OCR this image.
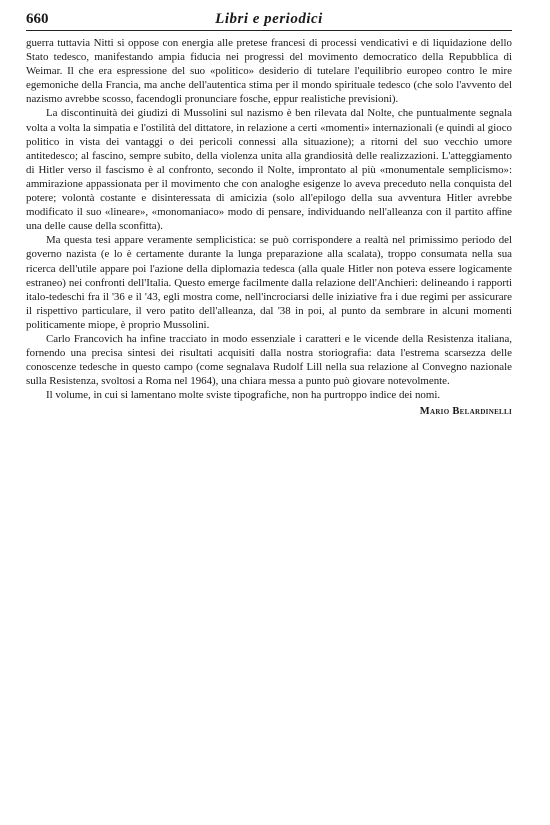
660	Libri e periodici

guerra tuttavia Nitti si oppose con energia alle pretese francesi di processi vendicativi e di liquidazione dello Stato tedesco, manifestando ampia fiducia nei progressi del movimento democratico della Repubblica di Weimar. Il che era espressione del suo «politico» desiderio di tutelare l'equilibrio europeo contro le mire egemoniche della Francia, ma anche dell'autentica stima per il mondo spirituale tedesco (che solo l'avvento del nazismo avrebbe scosso, facendogli pronunciare fosche, eppur realistiche previsioni).

La discontinuità dei giudizi di Mussolini sul nazismo è ben rilevata dal Nolte, che puntualmente segnala volta a volta la simpatia e l'ostilità del dittatore, in relazione a certi «momenti» internazionali (e quindi al gioco politico in vista dei vantaggi o dei pericoli connessi alla situazione); a ritorni del suo vecchio umore antitedesco; al fascino, sempre subito, della violenza unita alla grandiosità delle realizzazioni. L'atteggiamento di Hitler verso il fascismo è al confronto, secondo il Nolte, improntato al più «monumentale semplicismo»: ammirazione appassionata per il movimento che con analoghe esigenze lo aveva preceduto nella conquista del potere; volontà costante e disinteressata di amicizia (solo all'epilogo della sua avventura Hitler avrebbe modificato il suo «lineare», «monomaniaco» modo di pensare, individuando nell'alleanza con il partito affine una delle cause della sconfitta).

Ma questa tesi appare veramente semplicistica: se può corrispondere a realtà nel primissimo periodo del governo nazista (e lo è certamente durante la lunga preparazione alla scalata), troppo consumata nella sua ricerca dell'utile appare poi l'azione della diplomazia tedesca (alla quale Hitler non poteva essere logicamente estraneo) nei confronti dell'Italia. Questo emerge facilmente dalla relazione dell'Anchieri: delineando i rapporti italo-tedeschi fra il '36 e il '43, egli mostra come, nell'incrociarsi delle iniziative fra i due regimi per assicurare il rispettivo particulare, il vero patito dell'alleanza, dal '38 in poi, al punto da sembrare in alcuni momenti politicamente miope, è proprio Mussolini.

Carlo Francovich ha infine tracciato in modo essenziale i caratteri e le vicende della Resistenza italiana, fornendo una precisa sintesi dei risultati acquisiti dalla nostra storiografia: data l'estrema scarsezza delle conoscenze tedesche in questo campo (come segnalava Rudolf Lill nella sua relazione al Convegno nazionale sulla Resistenza, svoltosi a Roma nel 1964), una chiara messa a punto può giovare notevolmente.

Il volume, in cui si lamentano molte sviste tipografiche, non ha purtroppo indice dei nomi.

Mario Belardinelli
